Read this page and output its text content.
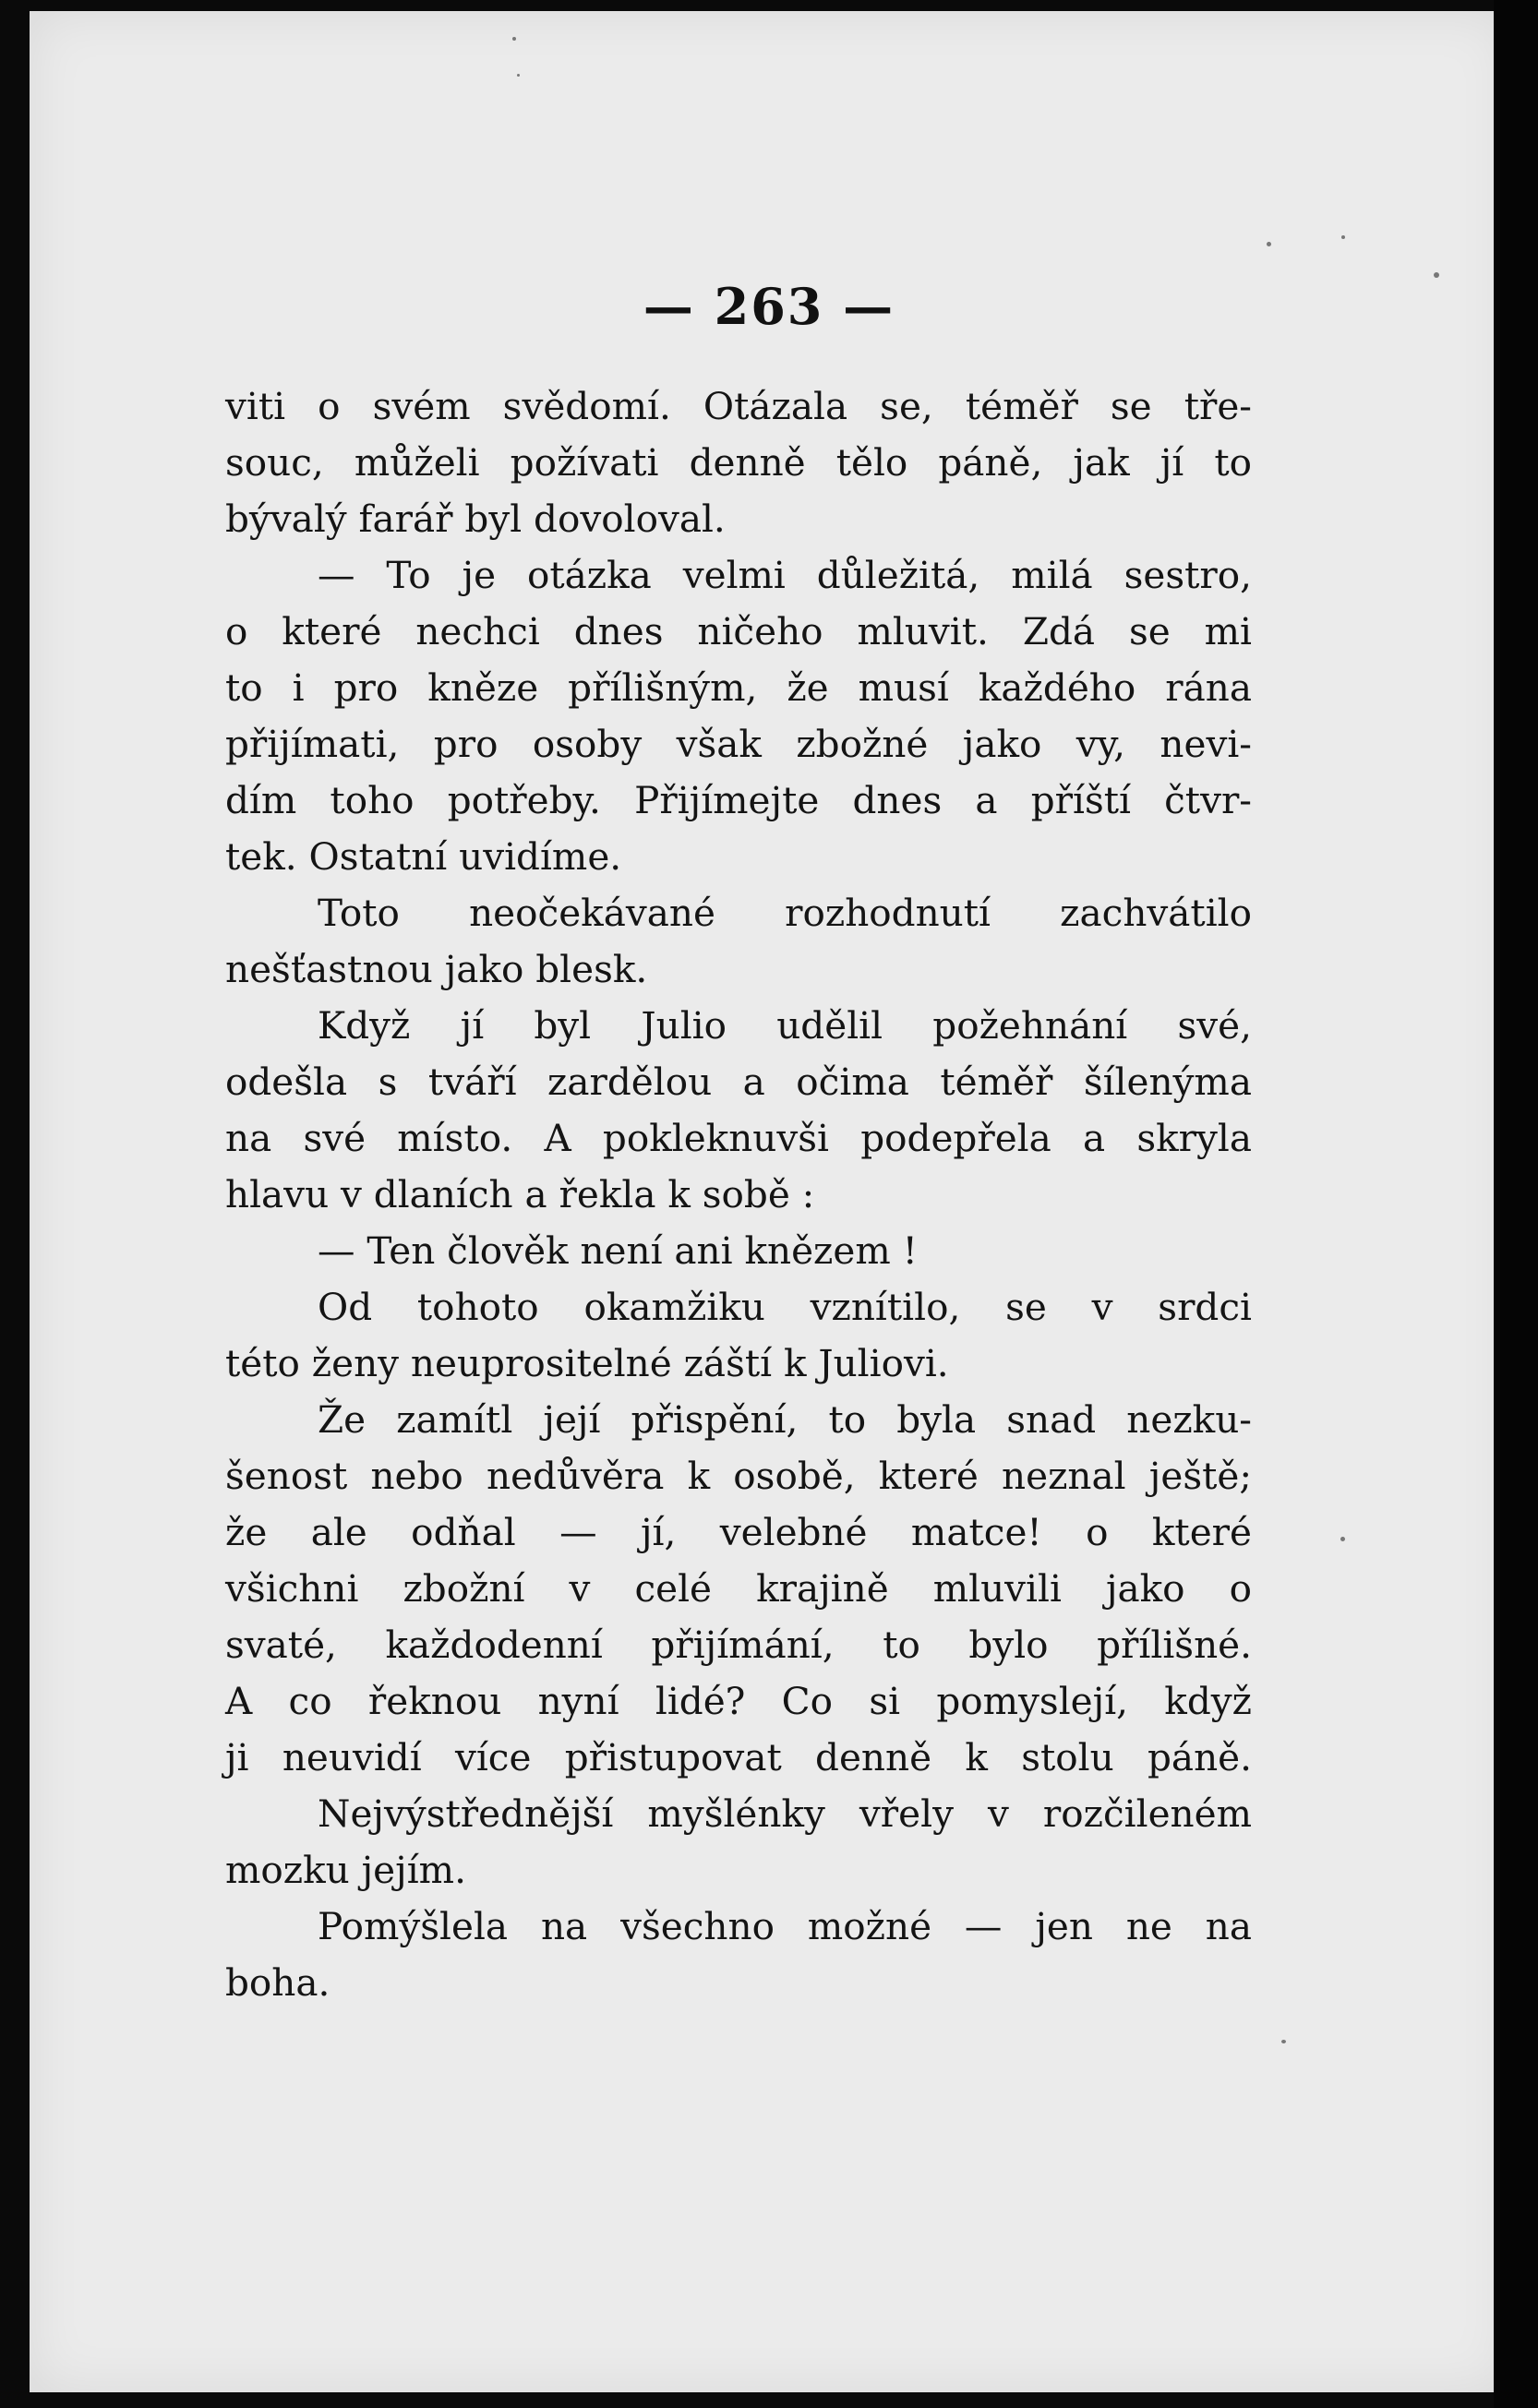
— 263 —
viti o svém svědomí. Otázala se, téměř se tře-
souc, můželi požívati denně tělo páně, jak jí to
bývalý farář byl dovoloval.
— To je otázka velmi důležitá, milá sestro,
o které nechci dnes ničeho mluvit. Zdá se mi
to i pro kněze přílišným, že musí každého rána
přijímati, pro osoby však zbožné jako vy, nevi-
dím toho potřeby. Přijímejte dnes a příští čtvr-
tek. Ostatní uvidíme.
Toto neočekávané rozhodnutí zachvátilo
nešťastnou jako blesk.
Když jí byl Julio udělil požehnání své,
odešla s tváří zardělou a očima téměř šílenýma
na své místo. A pokleknuvši podepřela a skryla
hlavu v dlaních a řekla k sobě :
— Ten člověk není ani knězem !
Od tohoto okamžiku vznítilo, se v srdci
této ženy neuprositelné záští k Juliovi.
Že zamítl její přispění, to byla snad nezku-
šenost nebo nedůvěra k osobě, které neznal ještě;
že ale odňal — jí, velebné matce! o které
všichni zbožní v celé krajině mluvili jako o
svaté, každodenní přijímání, to bylo přílišné.
A co řeknou nyní lidé? Co si pomyslejí, když
ji neuvidí více přistupovat denně k stolu páně.
Nejvýstřednější myšlénky vřely v rozčileném
mozku jejím.
Pomýšlela na všechno možné — jen ne na
boha.
